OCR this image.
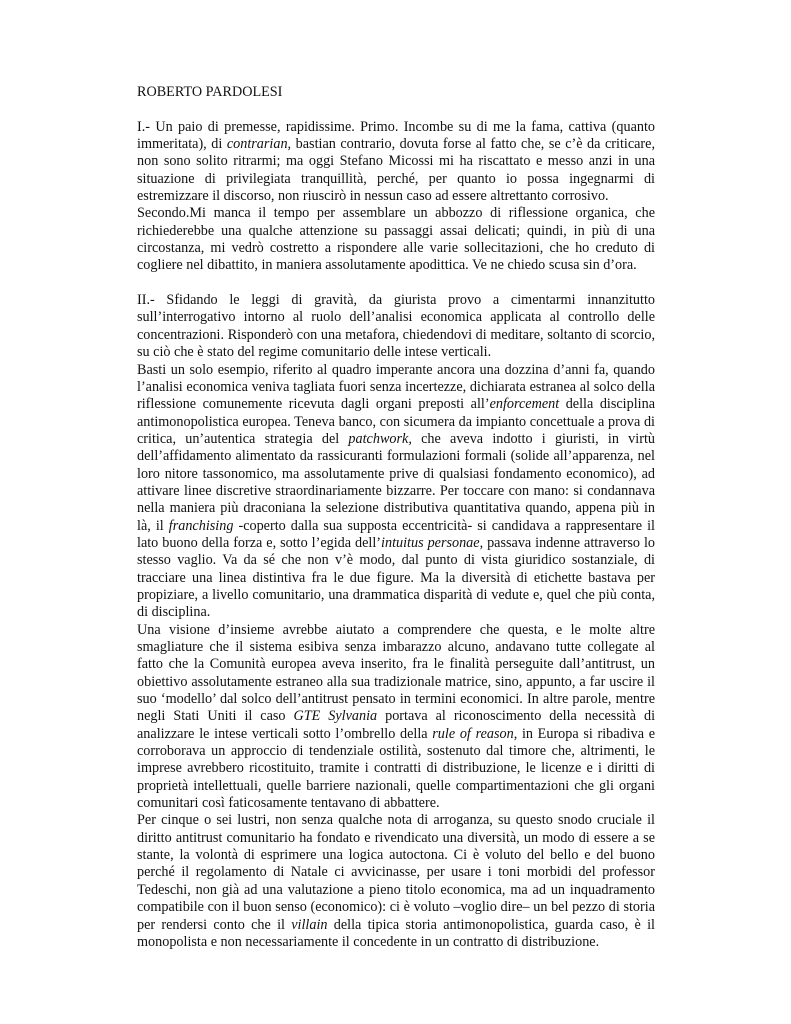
ROBERTO PARDOLESI

I.- Un paio di premesse, rapidissime. Primo. Incombe su di me la fama, cattiva (quanto immeritata), di contrarian, bastian contrario, dovuta forse al fatto che, se c’è da criticare, non sono solito ritrarmi; ma oggi Stefano Micossi mi ha riscattato e messo anzi in una situazione di privilegiata tranquillità, perché, per quanto io possa ingegnarmi di estremizzare il discorso, non riuscirò in nessun caso ad essere altrettanto corrosivo.

Secondo.Mi manca il tempo per assemblare un abbozzo di riflessione organica, che richiederebbe una qualche attenzione su passaggi assai delicati; quindi, in più di una circostanza, mi vedrò costretto a rispondere alle varie sollecitazioni, che ho creduto di cogliere nel dibattito, in maniera assolutamente apodittica. Ve ne chiedo scusa sin d’ora.

II.- Sfidando le leggi di gravità, da giurista provo a cimentarmi innanzitutto sull’interrogativo intorno al ruolo dell’analisi economica applicata al controllo delle concentrazioni. Risponderò con una metafora, chiedendovi di meditare, soltanto di scorcio, su ciò che è stato del regime comunitario delle intese verticali.

Basti un solo esempio, riferito al quadro imperante ancora una dozzina d’anni fa, quando l’analisi economica veniva tagliata fuori senza incertezze, dichiarata estranea al solco della riflessione comunemente ricevuta dagli organi preposti all’enforcement della disciplina antimonopolistica europea. Teneva banco, con sicumera da impianto concettuale a prova di critica, un’autentica strategia del patchwork, che aveva indotto i giuristi, in virtù dell’affidamento alimentato da rassicuranti formulazioni formali (solide all’apparenza, nel loro nitore tassonomico, ma assolutamente prive di qualsiasi fondamento economico), ad attivare linee discretive straordinariamente bizzarre. Per toccare con mano: si condannava nella maniera più draconiana la selezione distributiva quantitativa quando, appena più in là, il franchising -coperto dalla sua supposta eccentricità- si candidava a rappresentare il lato buono della forza e, sotto l’egida dell’intuitus personae, passava indenne attraverso lo stesso vaglio. Va da sé che non v’è modo, dal punto di vista giuridico sostanziale, di tracciare una linea distintiva fra le due figure. Ma la diversità di etichette bastava per propiziare, a livello comunitario, una drammatica disparità di vedute e, quel che più conta, di disciplina.

Una visione d’insieme avrebbe aiutato a comprendere che questa, e le molte altre smagliature che il sistema esibiva senza imbarazzo alcuno, andavano tutte collegate al fatto che la Comunità europea aveva inserito, fra le finalità perseguite dall’antitrust, un obiettivo assolutamente estraneo alla sua tradizionale matrice, sino, appunto, a far uscire il suo ‘modello’ dal solco dell’antitrust pensato in termini economici. In altre parole, mentre negli Stati Uniti il caso GTE Sylvania portava al riconoscimento della necessità di analizzare le intese verticali sotto l’ombrello della rule of reason, in Europa si ribadiva e corroborava un approccio di tendenziale ostilità, sostenuto dal timore che, altrimenti, le imprese avrebbero ricostituito, tramite i contratti di distribuzione, le licenze e i diritti di proprietà intellettuali, quelle barriere nazionali, quelle compartimentazioni che gli organi comunitari così faticosamente tentavano di abbattere.

Per cinque o sei lustri, non senza qualche nota di arroganza, su questo snodo cruciale il diritto antitrust comunitario ha fondato e rivendicato una diversità, un modo di essere a se stante, la volontà di esprimere una logica autoctona. Ci è voluto del bello e del buono perché il regolamento di Natale ci avvicinasse, per usare i toni morbidi del professor Tedeschi, non già ad una valutazione a pieno titolo economica, ma ad un inquadramento compatibile con il buon senso (economico): ci è voluto –voglio dire– un bel pezzo di storia per rendersi conto che il villain della tipica storia antimonopolistica, guarda caso, è il monopolista e non necessariamente il concedente in un contratto di distribuzione.
